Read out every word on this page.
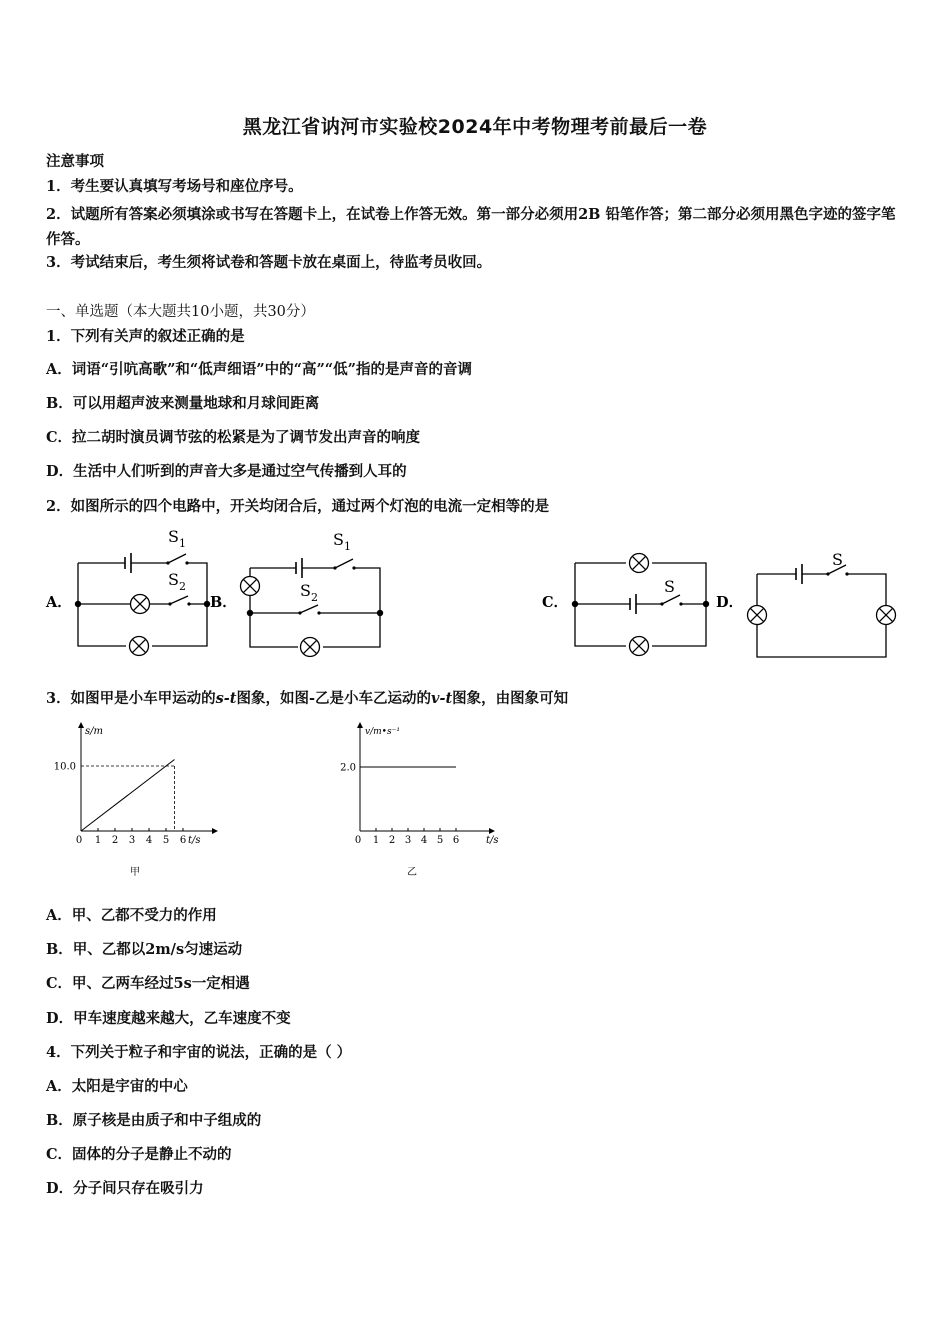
黑龙江省讷河市实验校2024年中考物理考前最后一卷
注意事项
1．考生要认真填写考场号和座位序号。
2．试题所有答案必须填涂或书写在答题卡上，在试卷上作答无效。第一部分必须用2B 铅笔作答；第二部分必须用黑色字迹的签字笔作答。
3．考试结束后，考生须将试卷和答题卡放在桌面上，待监考员收回。
一、单选题（本大题共10小题，共30分）
1．下列有关声的叙述正确的是
A．词语“引吭高歌”和“低声细语”中的“高”“低”指的是声音的音调
B．可以用超声波来测量地球和月球间距离
C．拉二胡时演员调节弦的松紧是为了调节发出声音的响度
D．生活中人们听到的声音大多是通过空气传播到人耳的
2．如图所示的四个电路中，开关均闭合后，通过两个灯泡的电流一定相等的是
A．	B．	C．	D．
$S_1$
$S_2$
$S_1$
$S_2$
S
S
3．如图甲是小车甲运动的s-t图象，如图-乙是小车乙运动的v-t图象，由图象可知
0 1 2 3 4 5 6
10.0
s/m
t/s
甲
0 1 2 3 4 5 6
2.0
v/m•s⁻¹
t/s
乙
A．甲、乙都不受力的作用
B．甲、乙都以2m/s匀速运动
C．甲、乙两车经过5s一定相遇
D．甲车速度越来越大，乙车速度不变
4．下列关于粒子和宇宙的说法，正确的是（ ）
A．太阳是宇宙的中心
B．原子核是由质子和中子组成的
C．固体的分子是静止不动的
D．分子间只存在吸引力
